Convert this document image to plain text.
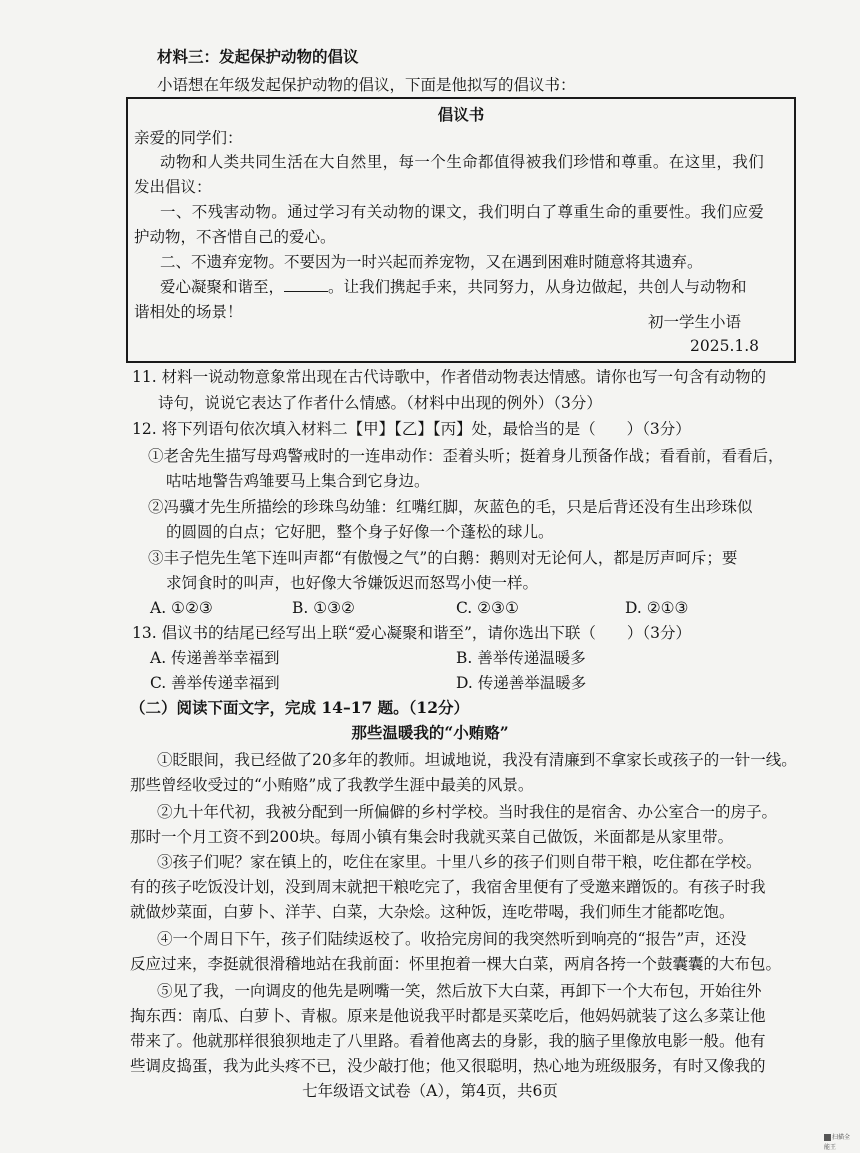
材料三：发起保护动物的倡议
小语想在年级发起保护动物的倡议，下面是他拟写的倡议书：
倡议书
亲爱的同学们：
动物和人类共同生活在大自然里，每一个生命都值得被我们珍惜和尊重。在这里，我们
发出倡议：
一、不残害动物。通过学习有关动物的课文，我们明白了尊重生命的重要性。我们应爱
护动物，不吝惜自己的爱心。
二、不遗弃宠物。不要因为一时兴起而养宠物，又在遇到困难时随意将其遗弃。
爱心凝聚和谐至，	。让我们携起手来，共同努力，从身边做起，共创人与动物和
谐相处的场景！
初一学生小语
2025.1.8
11. 材料一说动物意象常出现在古代诗歌中，作者借动物表达情感。请你也写一句含有动物的
诗句，说说它表达了作者什么情感。（材料中出现的例外）（3分）
12. 将下列语句依次填入材料二【甲】【乙】【丙】处，最恰当的是（　　）（3分）
①老舍先生描写母鸡警戒时的一连串动作：歪着头听；挺着身儿预备作战；看看前，看看后，
咕咕地警告鸡雏要马上集合到它身边。
②冯骥才先生所描绘的珍珠鸟幼雏：红嘴红脚，灰蓝色的毛，只是后背还没有生出珍珠似
的圆圆的白点；它好肥，整个身子好像一个蓬松的球儿。
③丰子恺先生笔下连叫声都“有傲慢之气”的白鹅：鹅则对无论何人，都是厉声呵斥；要
求饲食时的叫声，也好像大爷嫌饭迟而怒骂小使一样。
A. ①②③	B. ①③②	C. ②③①	D. ②①③
13. 倡议书的结尾已经写出上联“爱心凝聚和谐至”，请你选出下联（　　）（3分）
A. 传递善举幸福到	B. 善举传递温暖多
C. 善举传递幸福到	D. 传递善举温暖多
（二）阅读下面文字，完成 14–17 题。（12分）
那些温暖我的“小贿赂”
①眨眼间，我已经做了20多年的教师。坦诚地说，我没有清廉到不拿家长或孩子的一针一线。
那些曾经收受过的“小贿赂”成了我教学生涯中最美的风景。
②九十年代初，我被分配到一所偏僻的乡村学校。当时我住的是宿舍、办公室合一的房子。
那时一个月工资不到200块。每周小镇有集会时我就买菜自己做饭，米面都是从家里带。
③孩子们呢？家在镇上的，吃住在家里。十里八乡的孩子们则自带干粮，吃住都在学校。
有的孩子吃饭没计划，没到周末就把干粮吃完了，我宿舍里便有了受邀来蹭饭的。有孩子时我
就做炒菜面，白萝卜、洋芋、白菜，大杂烩。这种饭，连吃带喝，我们师生才能都吃饱。
④一个周日下午，孩子们陆续返校了。收拾完房间的我突然听到响亮的“报告”声，还没
反应过来，李挺就很滑稽地站在我前面：怀里抱着一棵大白菜，两肩各挎一个鼓囊囊的大布包。
⑤见了我，一向调皮的他先是咧嘴一笑，然后放下大白菜，再卸下一个大布包，开始往外
掏东西：南瓜、白萝卜、青椒。原来是他说我平时都是买菜吃后，他妈妈就装了这么多菜让他
带来了。他就那样很狼狈地走了八里路。看着他离去的身影，我的脑子里像放电影一般。他有
七年级语文试卷（A），第4页，共6页
扫描全能王
些调皮捣蛋，我为此头疼不已，没少敲打他；他又很聪明，热心地为班级服务，有时又像我的
